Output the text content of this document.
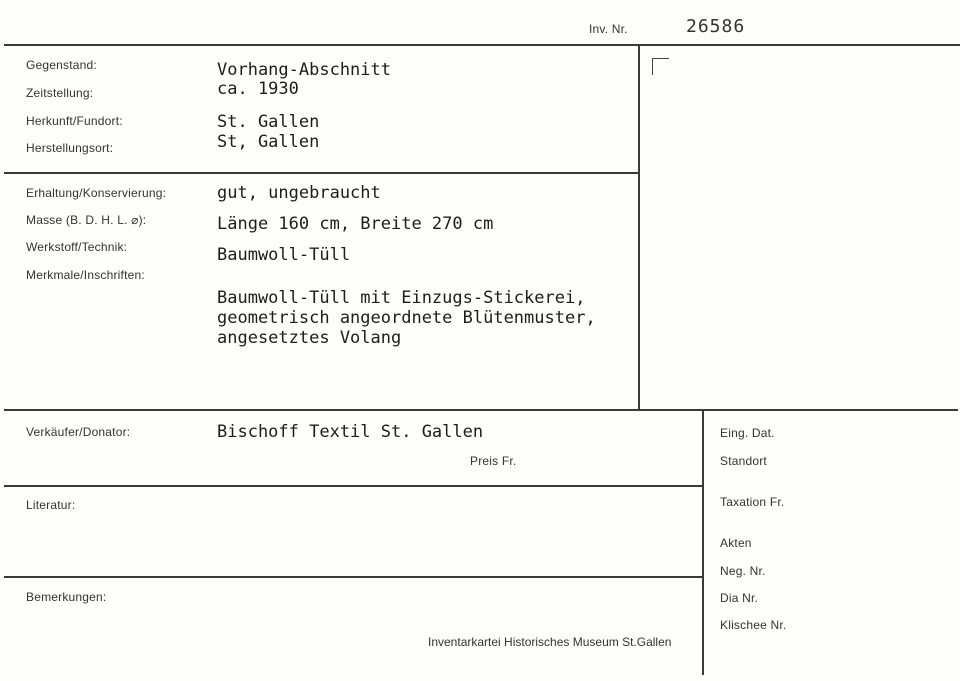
Inv. Nr.	26586
Gegenstand:
Zeitstellung:
Herkunft/Fundort:
Herstellungsort:
Vorhang-Abschnitt
ca. 1930
St. Gallen
St, Gallen
Erhaltung/Konservierung:
Masse (B. D. H. L. ⌀):
Werkstoff/Technik:
Merkmale/Inschriften:
gut, ungebraucht
Länge 160 cm, Breite 270 cm
Baumwoll-Tüll
Baumwoll-Tüll mit Einzugs-Stickerei,
geometrisch angeordnete Blütenmuster,
angesetztes Volang
Verkäufer/Donator:	Bischoff Textil St. Gallen
Preis Fr.
Literatur:
Bemerkungen:
Eing. Dat.
Standort
Taxation Fr.
Akten
Neg. Nr.
Dia Nr.
Klischee Nr.
Inventarkartei Historisches Museum St.Gallen
